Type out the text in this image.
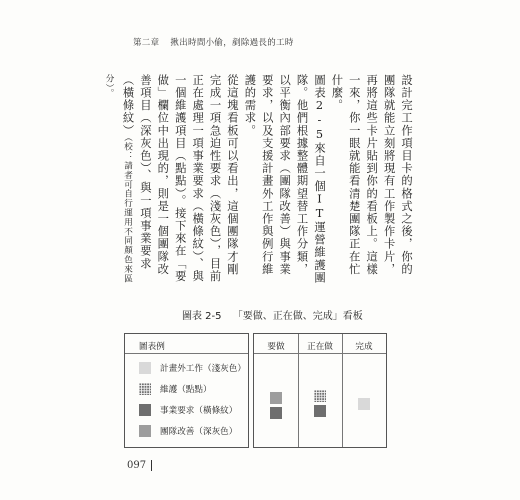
第二章 揪出時間小偷，剷除過長的工時

設計完工作項目卡的格式之後，你的團隊就能立刻將現有工作製作卡片，再將這些卡片貼到你的看板上。這樣一來，你一眼就能看清楚團隊正在忙什麼。

圖表2-5來自一個IT運營維護團隊。他們根據整體期望替工作分類，以平衡內部要求（團隊改善）與事業要求，以及支援計畫外工作與例行維護的需求。

從這塊看板可以看出，這個團隊才剛完成一項急迫性要求（淺灰色），目前正在處理一項事業要求（橫條紋）、與一個維護項目（點點）。接下來在「要做」欄位中出現的，則是一個團隊改善項目（深灰色）、與一項事業要求（橫條紋）（校：請者可自行運用不同顏色來區分）。

圖表 2-5 「要做、正在做、完成」看板
圖表例
計畫外工作（淺灰色）
維護（點點）
事業要求（橫條紋）
團隊改善（深灰色）
要做	正在做	完成
097
